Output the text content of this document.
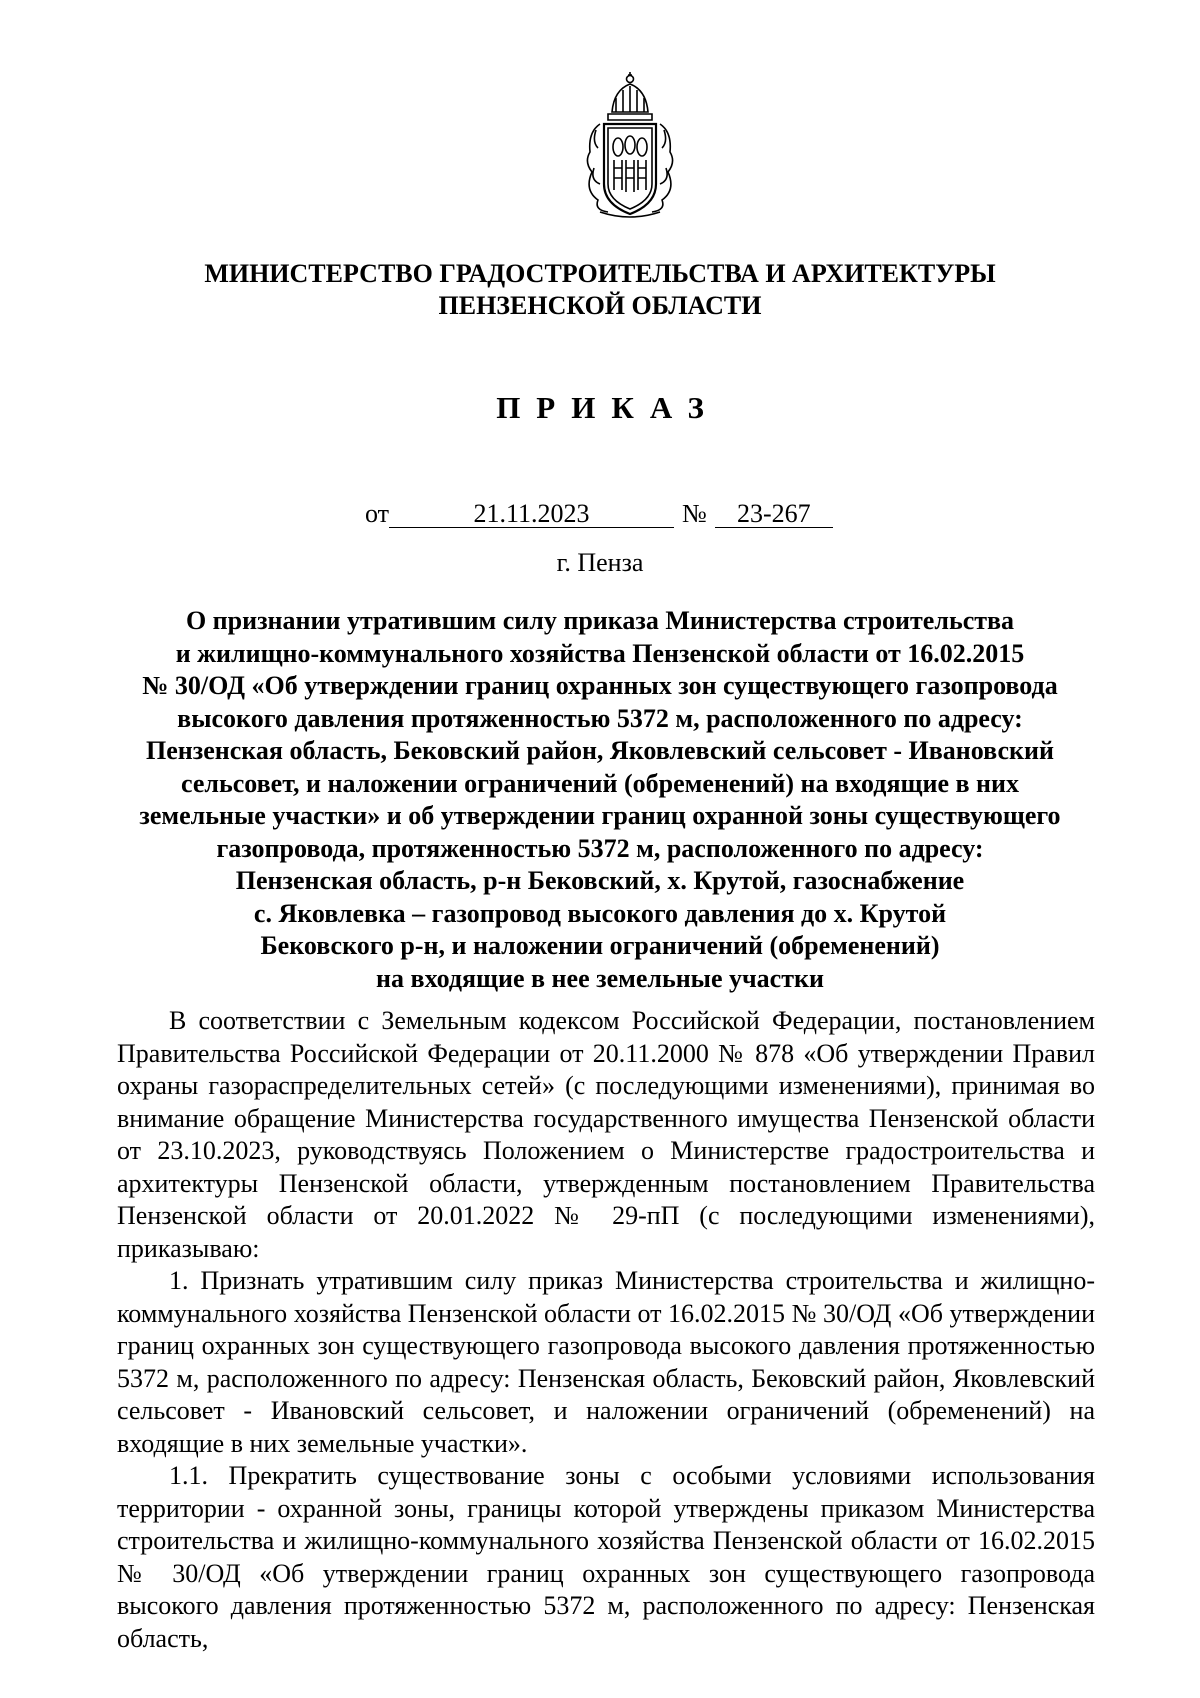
МИНИСТЕРСТВО ГРАДОСТРОИТЕЛЬСТВА И АРХИТЕКТУРЫ
ПЕНЗЕНСКОЙ ОБЛАСТИ
ПРИКАЗ
от	21.11.2023	№ 23-267
г. Пенза
О признании утратившим силу приказа Министерства строительства
и жилищно-коммунального хозяйства Пензенской области от 16.02.2015
№ 30/ОД «Об утверждении границ охранных зон существующего газопровода
высокого давления протяженностью 5372 м, расположенного по адресу:
Пензенская область, Бековский район, Яковлевский сельсовет - Ивановский
сельсовет, и наложении ограничений (обременений) на входящие в них
земельные участки» и об утверждении границ охранной зоны существующего
газопровода, протяженностью 5372 м, расположенного по адресу:
Пензенская область, р-н Бековский, х. Крутой, газоснабжение
с. Яковлевка – газопровод высокого давления до х. Крутой
Бековского р-н, и наложении ограничений (обременений)
на входящие в нее земельные участки

В соответствии с Земельным кодексом Российской Федерации, постановлением Правительства Российской Федерации от 20.11.2000 № 878 «Об утверждении Правил охраны газораспределительных сетей» (с последующими изменениями), принимая во внимание обращение Министерства государственного имущества Пензенской области от 23.10.2023, руководствуясь Положением о Министерстве градостроительства и архитектуры Пензенской области, утвержденным постановлением Правительства Пензенской области от 20.01.2022 № 29-пП (с последующими изменениями), приказываю:

1. Признать утратившим силу приказ Министерства строительства и жилищно-коммунального хозяйства Пензенской области от 16.02.2015 № 30/ОД «Об утверждении границ охранных зон существующего газопровода высокого давления протяженностью 5372 м, расположенного по адресу: Пензенская область, Бековский район, Яковлевский сельсовет - Ивановский сельсовет, и наложении ограничений (обременений) на входящие в них земельные участки».

1.1. Прекратить существование зоны с особыми условиями использования территории - охранной зоны, границы которой утверждены приказом Министерства строительства и жилищно-коммунального хозяйства Пензенской области от 16.02.2015 № 30/ОД «Об утверждении границ охранных зон существующего газопровода высокого давления протяженностью 5372 м, расположенного по адресу: Пензенская область,
